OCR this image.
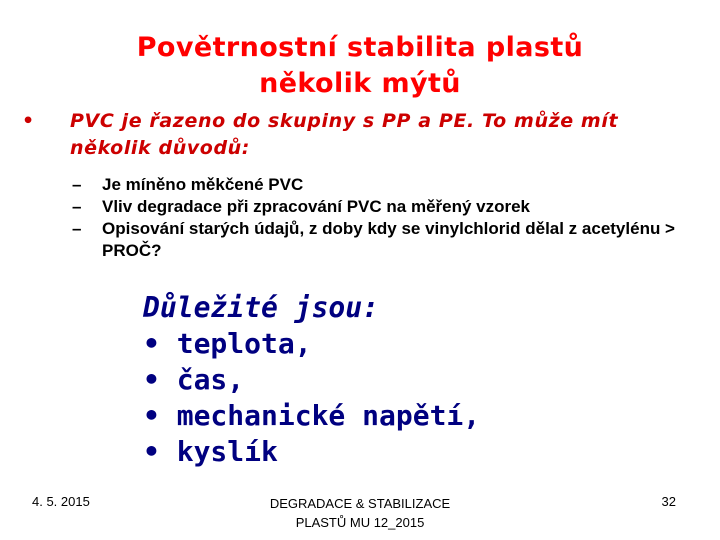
Povětrnostní stabilita plastů
několik mýtů
• PVC je řazeno do skupiny s PP a PE. To může mít několik důvodů:
– Je míněno měkčené PVC
– Vliv degradace při zpracování PVC na měřený vzorek
– Opisování starých údajů, z doby kdy se vinylchlorid dělal z acetylénu > PROČ?
Důležité jsou:
• teplota,
• čas,
• mechanické napětí,
• kyslík
4. 5. 2015	DEGRADACE & STABILIZACE
PLASTŮ MU 12_2015
32
